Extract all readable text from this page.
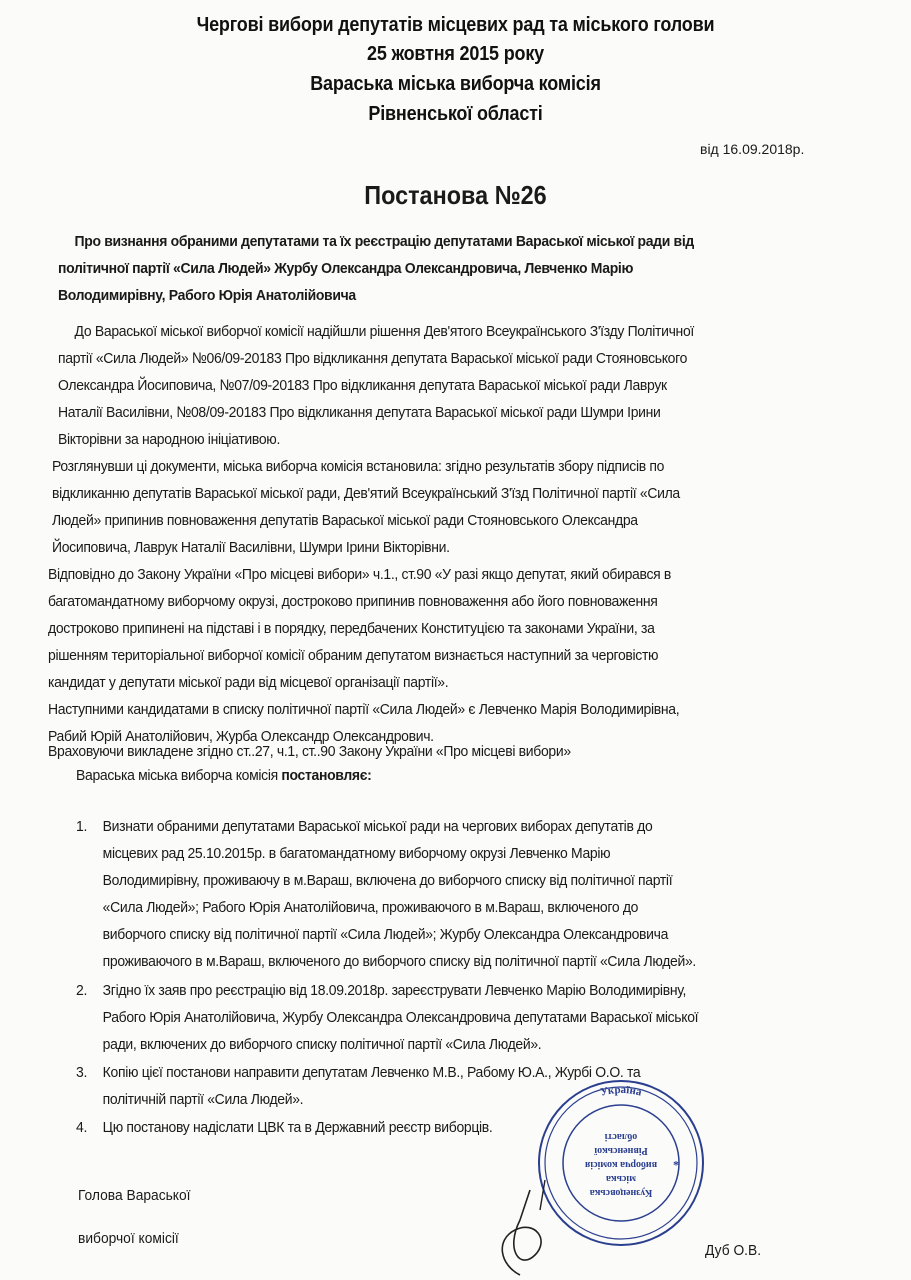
Чергові вибори депутатів місцевих рад та міського голови
25 жовтня 2015 року
Вараська міська виборча комісія
Рівненської області
від 16.09.2018р.
Постанова №26
Про визнання обраними депутатами та їх реєстрацію депутатами Вараської міської ради від
політичної партії «Сила Людей» Журбу Олександра Олександровича, Левченко Марію
Володимирівну, Рабого Юрія Анатолійовича
До Вараської міської виборчої комісії надійшли рішення Дев'ятого Всеукраїнського З'їзду Політичної
партії «Сила Людей» №06/09-20183 Про відкликання депутата Вараської міської ради Стояновського
Олександра Йосиповича, №07/09-20183 Про відкликання депутата Вараської міської ради Лаврук
Наталії Василівни, №08/09-20183 Про відкликання депутата Вараської міської ради Шумри Ірини
Вікторівни за народною ініціативою.
Розглянувши ці документи, міська виборча комісія встановила: згідно результатів збору підписів по
відкликанню депутатів Вараської міської ради, Дев'ятий Всеукраїнський З'їзд Політичної партії «Сила
Людей» припинив повноваження депутатів Вараської міської ради Стояновського Олександра
Йосиповича, Лаврук Наталії Василівни, Шумри Ірини Вікторівни.
Відповідно до Закону України «Про місцеві вибори» ч.1., ст.90 «У разі якщо депутат, який обирався в
багатомандатному виборчому окрузі, достроково припинив повноваження або його повноваження
достроково припинені на підставі і в порядку, передбачених Конституцією та законами України, за
рішенням територіальної виборчої комісії обраним депутатом визнається наступний за черговістю
кандидат у депутати міської ради від місцевої організації партії».
Наступними кандидатами в списку політичної партії «Сила Людей» є Левченко Марія Володимирівна,
Рабий Юрій Анатолійович, Журба Олександр Олександрович.
Враховуючи викладене згідно ст..27, ч.1, ст..90 Закону України «Про місцеві вибори»
Вараська міська виборча комісія постановляє:
1. Визнати обраними депутатами Вараської міської ради на чергових виборах депутатів до
місцевих рад 25.10.2015р. в багатомандатному виборчому окрузі Левченко Марію
Володимирівну, проживаючу в м.Вараш, включена до виборчого списку від політичної партії
«Сила Людей»; Рабого Юрія Анатолійовича, проживаючого в м.Вараш, включеного до
виборчого списку від політичної партії «Сила Людей»; Журбу Олександра Олександровича
проживаючого в м.Вараш, включеного до виборчого списку від політичної партії «Сила Людей».
2. Згідно їх заяв про реєстрацію від 18.09.2018р. зареєструвати Левченко Марію Володимирівну,
Рабого Юрія Анатолійовича, Журбу Олександра Олександровича депутатами Вараської міської
ради, включених до виборчого списку політичної партії «Сила Людей».
3. Копію цієї постанови направити депутатам Левченко М.В., Рабому Ю.А., Журбі О.О. та
політичній партії «Сила Людей».
4. Цю постанову надіслати ЦВК та в Державний реєстр виборців.
Голова Вараської
виборчої комісії
Дуб О.В.
Кузнецовська
міська
виборча комісія
Рівненської
області
Україна
*
